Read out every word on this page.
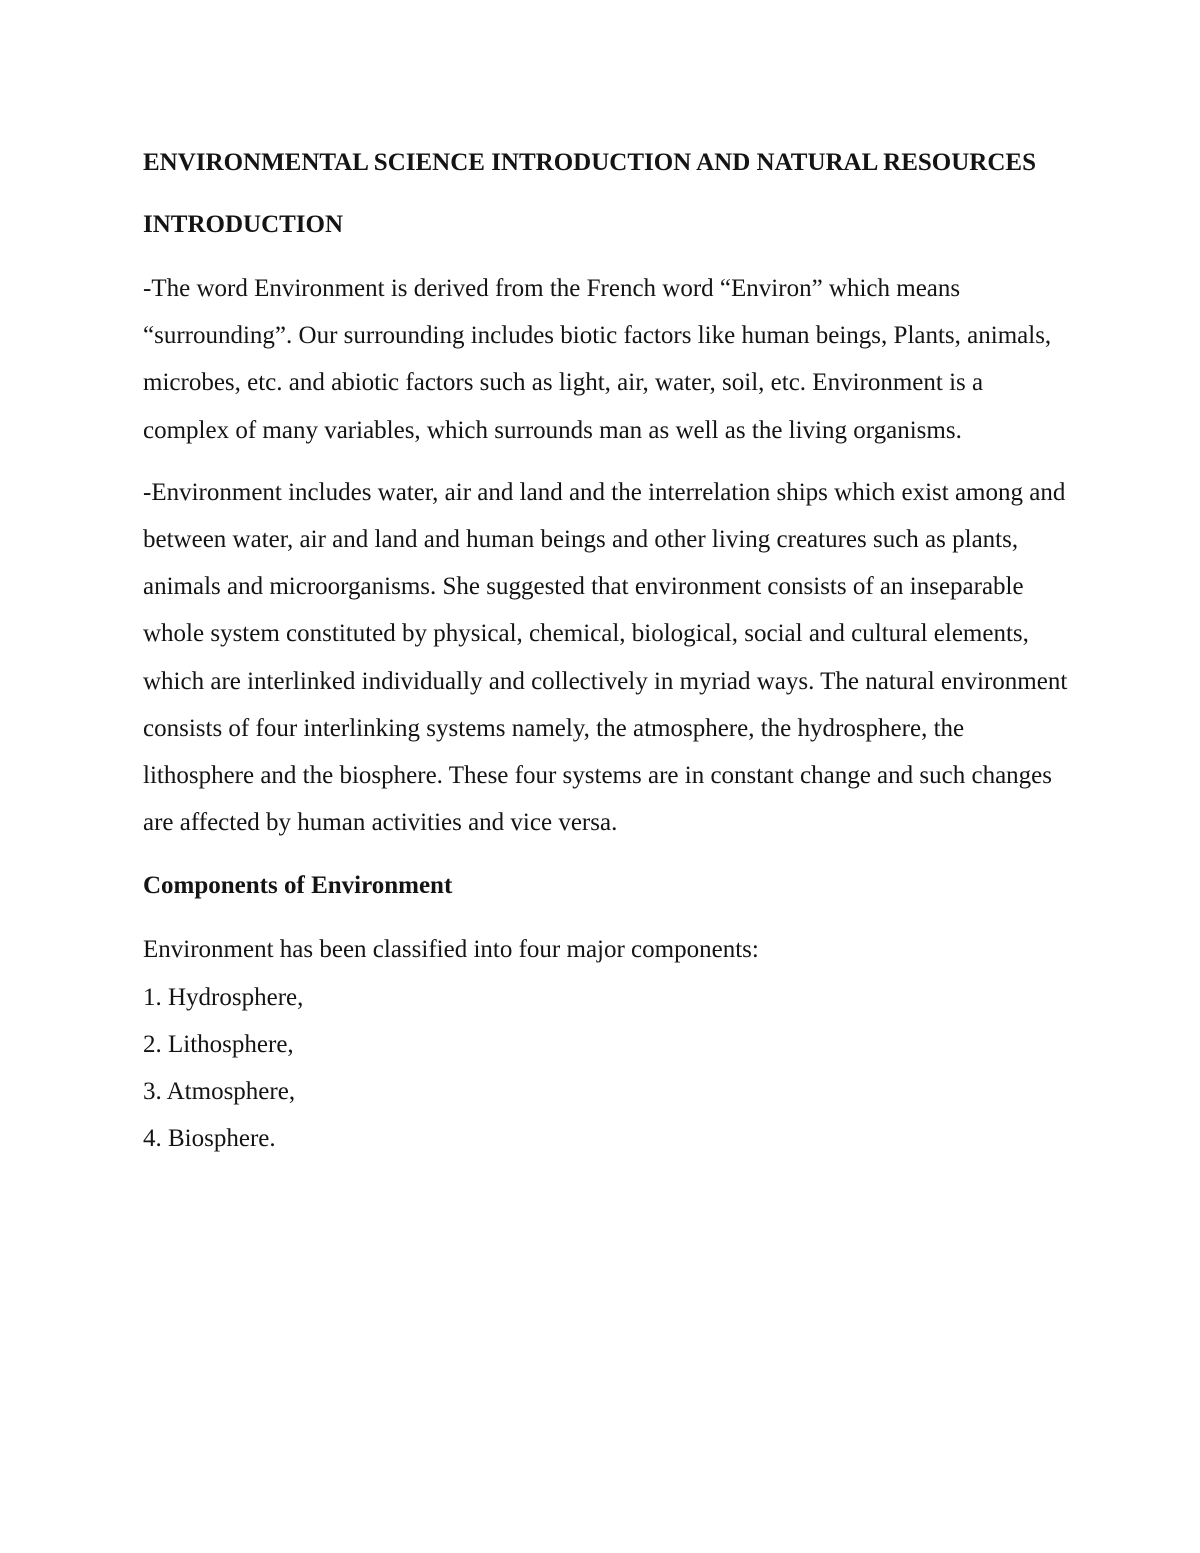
ENVIRONMENTAL SCIENCE INTRODUCTION AND NATURAL RESOURCES
INTRODUCTION

-The word Environment is derived from the French word “Environ” which means “surrounding”. Our surrounding includes biotic factors like human beings, Plants, animals, microbes, etc. and abiotic factors such as light, air, water, soil, etc. Environment is a complex of many variables, which surrounds man as well as the living organisms.

-Environment includes water, air and land and the interrelation ships which exist among and between water, air and land and human beings and other living creatures such as plants, animals and microorganisms. She suggested that environment consists of an inseparable whole system constituted by physical, chemical, biological, social and cultural elements, which are interlinked individually and collectively in myriad ways. The natural environment consists of four interlinking systems namely, the atmosphere, the hydrosphere, the lithosphere and the biosphere. These four systems are in constant change and such changes are affected by human activities and vice versa.

Components of Environment

Environment has been classified into four major components:

1. Hydrosphere,
2. Lithosphere,
3. Atmosphere,
4. Biosphere.
